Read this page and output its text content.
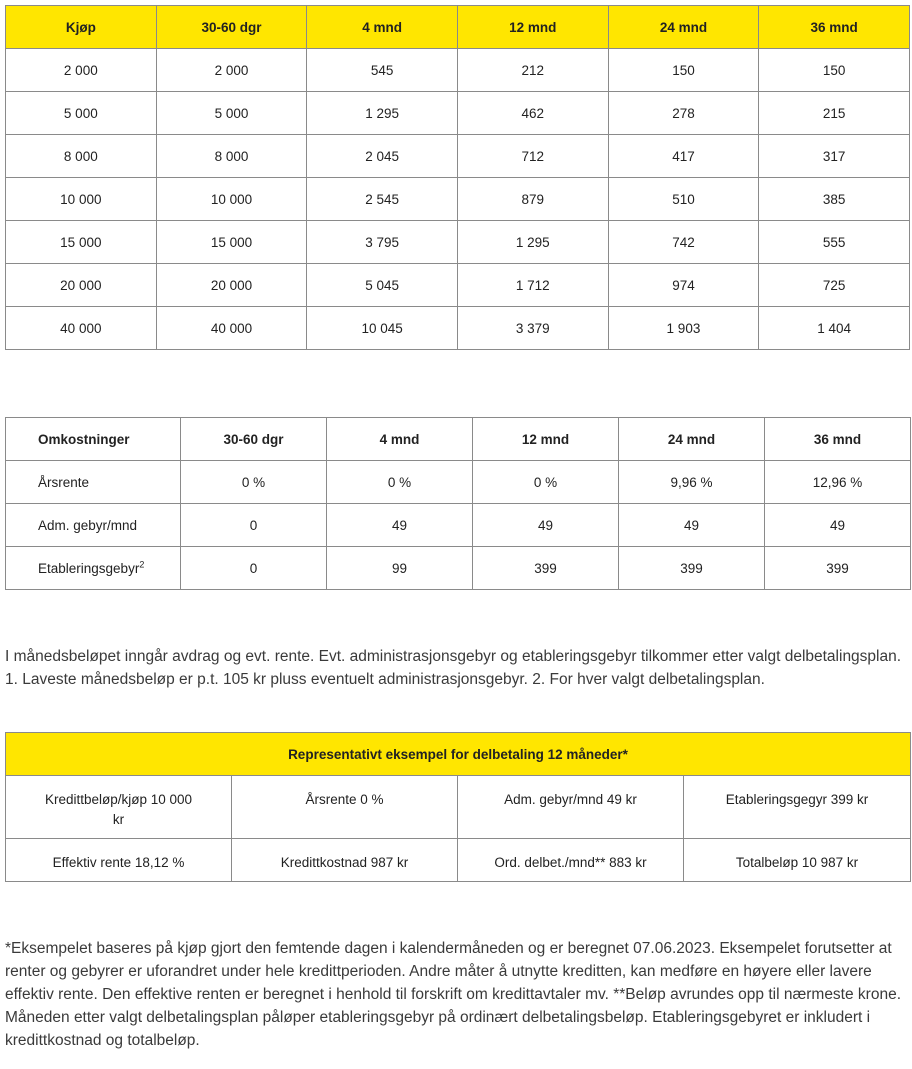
Kjøp	30-60 dgr	4 mnd	12 mnd	24 mnd	36 mnd
2 000	2 000	545	212	150	150
5 000	5 000	1 295	462	278	215
8 000	8 000	2 045	712	417	317
10 000	10 000	2 545	879	510	385
15 000	15 000	3 795	1 295	742	555
20 000	20 000	5 045	1 712	974	725
40 000	40 000	10 045	3 379	1 903	1 404
Omkostninger	30-60 dgr	4 mnd	12 mnd	24 mnd	36 mnd
Årsrente	0 %	0 %	0 %	9,96 %	12,96 %
Adm. gebyr/mnd	0	49	49	49	49
Etableringsgebyr$^2$	0	99	399	399	399

I månedsbeløpet inngår avdrag og evt. rente. Evt. administrasjonsgebyr og etableringsgebyr tilkommer etter valgt delbetalingsplan. 1. Laveste månedsbeløp er p.t. 105 kr pluss eventuelt administrasjonsgebyr. 2. For hver valgt delbetalingsplan.

Representativt eksempel for delbetaling 12 måneder*			
Kredittbeløp/kjøp 10 000 kr	Årsrente 0 %	Adm. gebyr/mnd 49 kr	Etableringsgegyr 399 kr
Effektiv rente 18,12 %	Kredittkostnad 987 kr	Ord. delbet./mnd** 883 kr	Totalbeløp 10 987 kr

*Eksempelet baseres på kjøp gjort den femtende dagen i kalendermåneden og er beregnet 07.06.2023. Eksempelet forutsetter at renter og gebyrer er uforandret under hele kredittperioden. Andre måter å utnytte kreditten, kan medføre en høyere eller lavere effektiv rente. Den effektive renten er beregnet i henhold til forskrift om kredittavtaler mv. **Beløp avrundes opp til nærmeste krone. Måneden etter valgt delbetalingsplan påløper etableringsgebyr på ordinært delbetalingsbeløp. Etableringsgebyret er inkludert i kredittkostnad og totalbeløp.
